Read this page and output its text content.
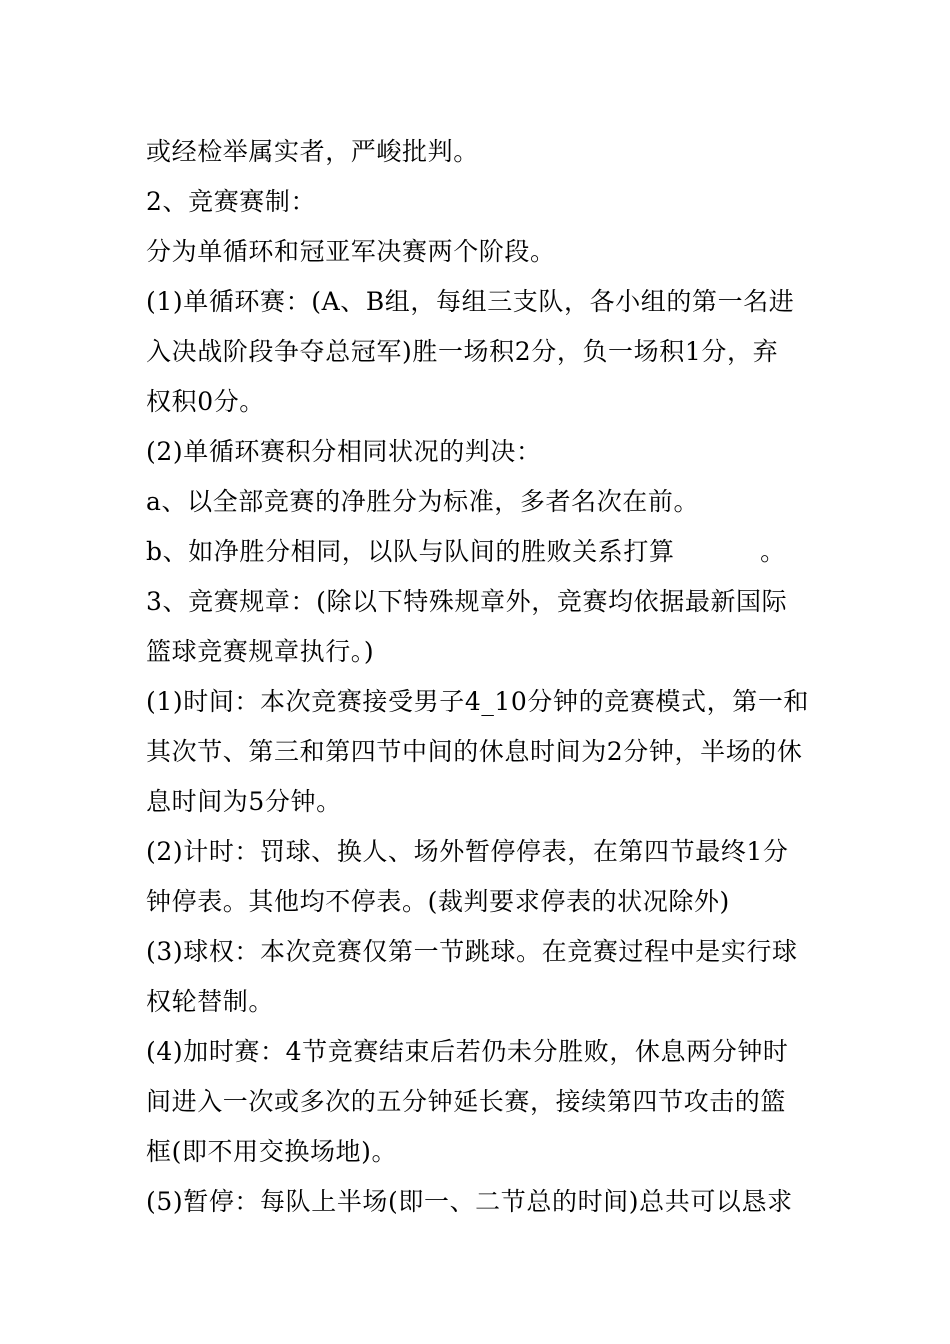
或经检举属实者，严峻批判。
2、竞赛赛制：
分为单循环和冠亚军决赛两个阶段。
(1)单循环赛：(A、B组，每组三支队，各小组的第一名进
入决战阶段争夺总冠军)胜一场积2分，负一场积1分，弃
权积0分。
(2)单循环赛积分相同状况的判决：
a、以全部竞赛的净胜分为标准，多者名次在前。
b、如净胜分相同，以队与队间的胜败关系打算          。
3、竞赛规章：(除以下特殊规章外，竞赛均依据最新国际
篮球竞赛规章执行。)
(1)时间：本次竞赛接受男子4_10分钟的竞赛模式，第一和
其次节、第三和第四节中间的休息时间为2分钟，半场的休
息时间为5分钟。
(2)计时：罚球、换人、场外暂停停表，在第四节最终1分
钟停表。其他均不停表。(裁判要求停表的状况除外)
(3)球权：本次竞赛仅第一节跳球。在竞赛过程中是实行球
权轮替制。
(4)加时赛：4节竞赛结束后若仍未分胜败，休息两分钟时
间进入一次或多次的五分钟延长赛，接续第四节攻击的篮
框(即不用交换场地)。
(5)暂停：每队上半场(即一、二节总的时间)总共可以恳求
